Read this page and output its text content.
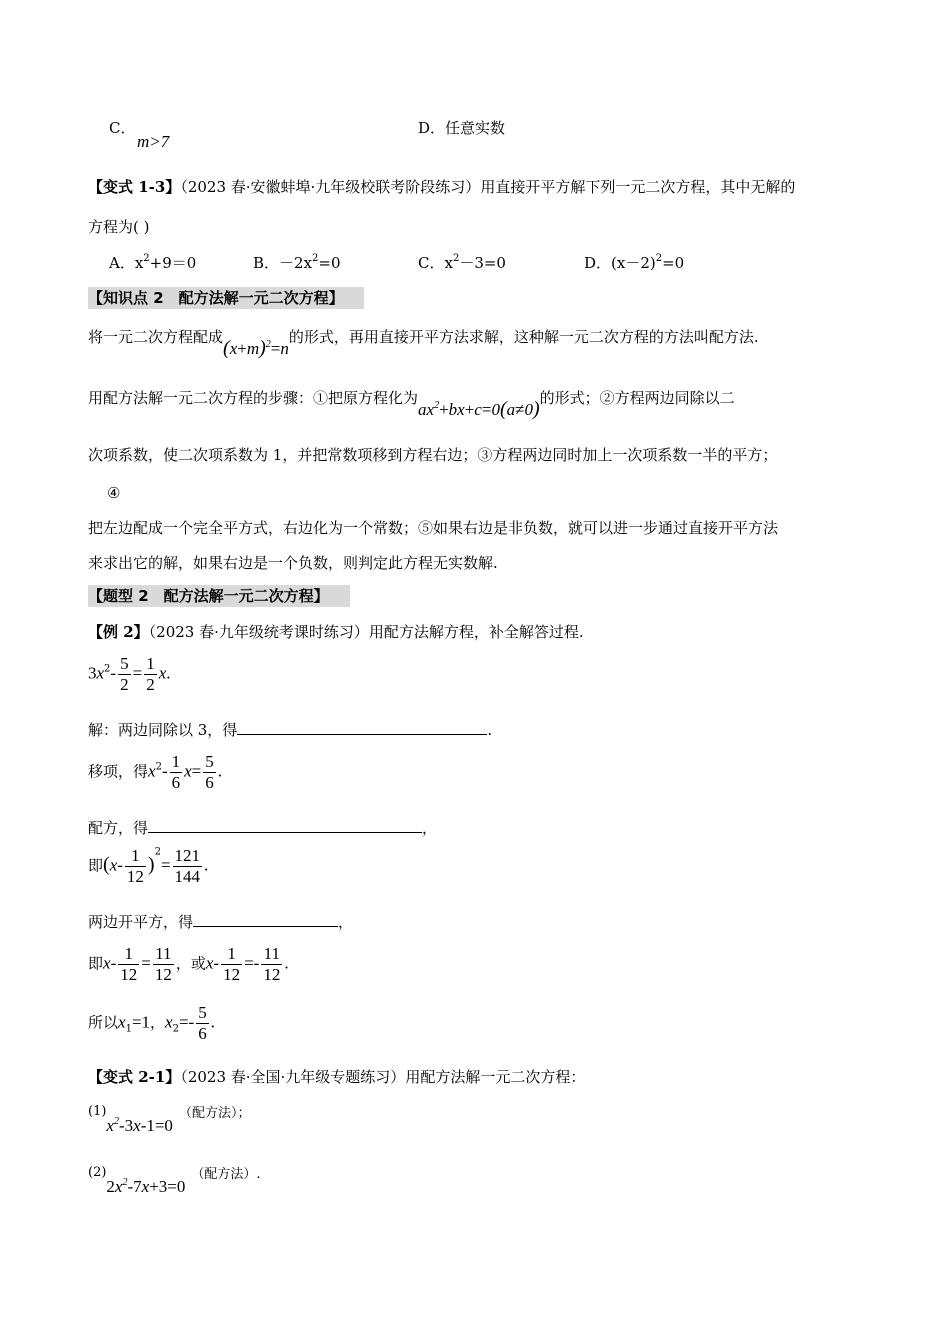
C．
m>7
D．任意实数
【变式 1-3】（2023 春·安徽蚌埠·九年级校联考阶段练习）用直接开平方解下列一元二次方程，其中无解的
方程为( )
A．$x^2+9=0$	B．$-2x^2=0$	C．$x^2-3=0$	D．$(x-2)^2=0$
【知识点 2　配方法解一元二次方程】
将一元二次方程配成$(x+m)^2=n$的形式，再用直接开平方法求解，这种解一元二次方程的方法叫配方法.
用配方法解一元二次方程的步骤：①把原方程化为$ax^2+bx+c=0(a\ne 0)$的形式；②方程两边同除以二
次项系数，使二次项系数为 1，并把常数项移到方程右边；③方程两边同时加上一次项系数一半的平方；
④
把左边配成一个完全平方式，右边化为一个常数；⑤如果右边是非负数，就可以进一步通过直接开平方法
来求出它的解，如果右边是一个负数，则判定此方程无实数解.
【题型 2　配方法解一元二次方程】
【例 2】（2023 春·九年级统考课时练习）用配方法解方程，补全解答过程.
$3x^2- \frac{5}{2} = \frac{1}{2} x$.
解：两边同除以 3，得	.
移项，得$x^2- \frac{1}{6} x= \frac{5}{6}$ .
配方，得	，
即$(x- \frac{1}{12} )^2= \frac{121}{144}$ .
两边开平方，得	，
即$x- \frac{1}{12} = \frac{11}{12}$ ，或$x- \frac{1}{12} =- \frac{11}{12}$ .
所以$x_1=1$，$x_2=- \frac{5}{6}$ .
【变式 2-1】（2023 春·全国·九年级专题练习）用配方法解一元二次方程：
$(1)x^2-3x-1=0$（配方法）；
$(2)2x^2-7x+3=0$（配方法）.
